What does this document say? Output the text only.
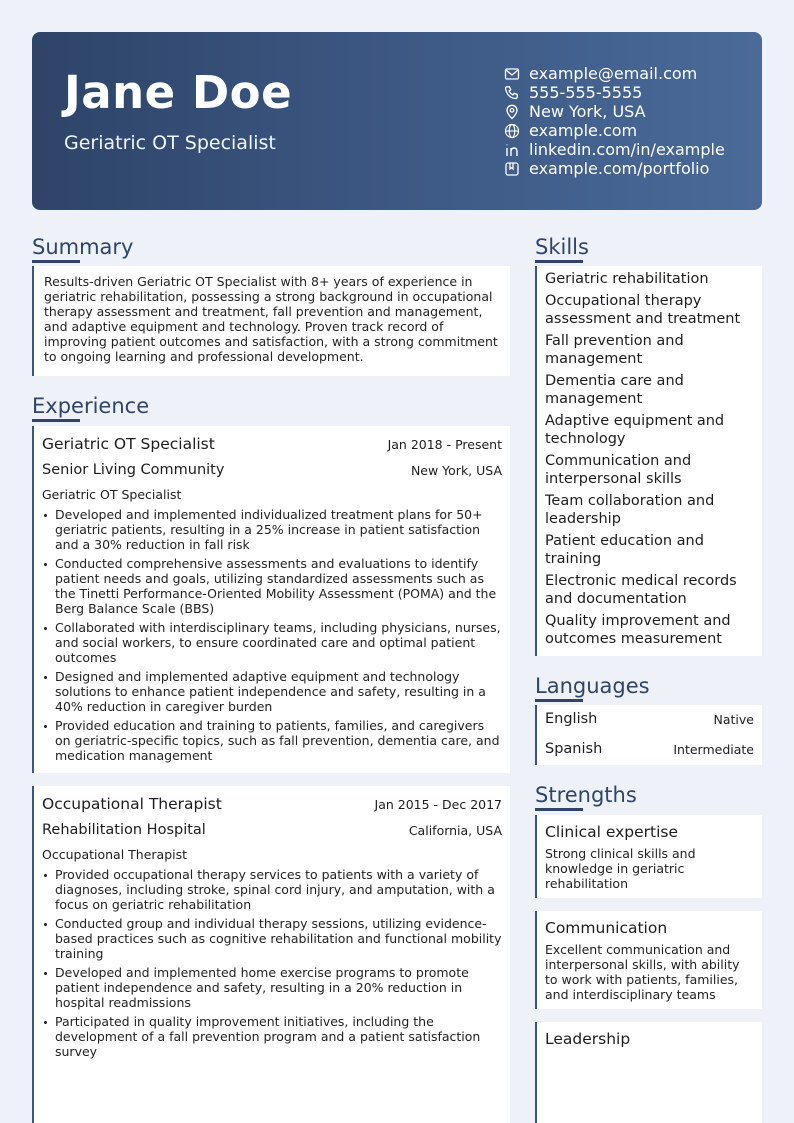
Jane Doe
Geriatric OT Specialist
example@email.com
555-555-5555
New York, USA
example.com
linkedin.com/in/example
example.com/portfolio
Summary

Results-driven Geriatric OT Specialist with 8+ years of experience in geriatric rehabilitation, possessing a strong background in occupational therapy assessment and treatment, fall prevention and management, and adaptive equipment and technology. Proven track record of improving patient outcomes and satisfaction, with a strong commitment to ongoing learning and professional development.

Experience
Geriatric OT Specialist	Jan 2018 - Present
Senior Living Community	New York, USA
Geriatric OT Specialist
Developed and implemented individualized treatment plans for 50+ geriatric patients, resulting in a 25% increase in patient satisfaction and a 30% reduction in fall risk
Conducted comprehensive assessments and evaluations to identify patient needs and goals, utilizing standardized assessments such as the Tinetti Performance-Oriented Mobility Assessment (POMA) and the Berg Balance Scale (BBS)
Collaborated with interdisciplinary teams, including physicians, nurses, and social workers, to ensure coordinated care and optimal patient outcomes
Designed and implemented adaptive equipment and technology solutions to enhance patient independence and safety, resulting in a 40% reduction in caregiver burden
Provided education and training to patients, families, and caregivers on geriatric-specific topics, such as fall prevention, dementia care, and medication management
Occupational Therapist	Jan 2015 - Dec 2017
Rehabilitation Hospital	California, USA
Occupational Therapist
Provided occupational therapy services to patients with a variety of diagnoses, including stroke, spinal cord injury, and amputation, with a focus on geriatric rehabilitation
Conducted group and individual therapy sessions, utilizing evidence-based practices such as cognitive rehabilitation and functional mobility training
Developed and implemented home exercise programs to promote patient independence and safety, resulting in a 20% reduction in hospital readmissions
Participated in quality improvement initiatives, including the development of a fall prevention program and a patient satisfaction survey
Skills
Geriatric rehabilitation
Occupational therapy assessment and treatment
Fall prevention and management
Dementia care and management
Adaptive equipment and technology
Communication and interpersonal skills
Team collaboration and leadership
Patient education and training
Electronic medical records and documentation
Quality improvement and outcomes measurement
Languages
English	Native
Spanish	Intermediate
Strengths
Clinical expertise
Strong clinical skills and knowledge in geriatric rehabilitation
Communication
Excellent communication and interpersonal skills, with ability to work with patients, families, and interdisciplinary teams
Leadership
